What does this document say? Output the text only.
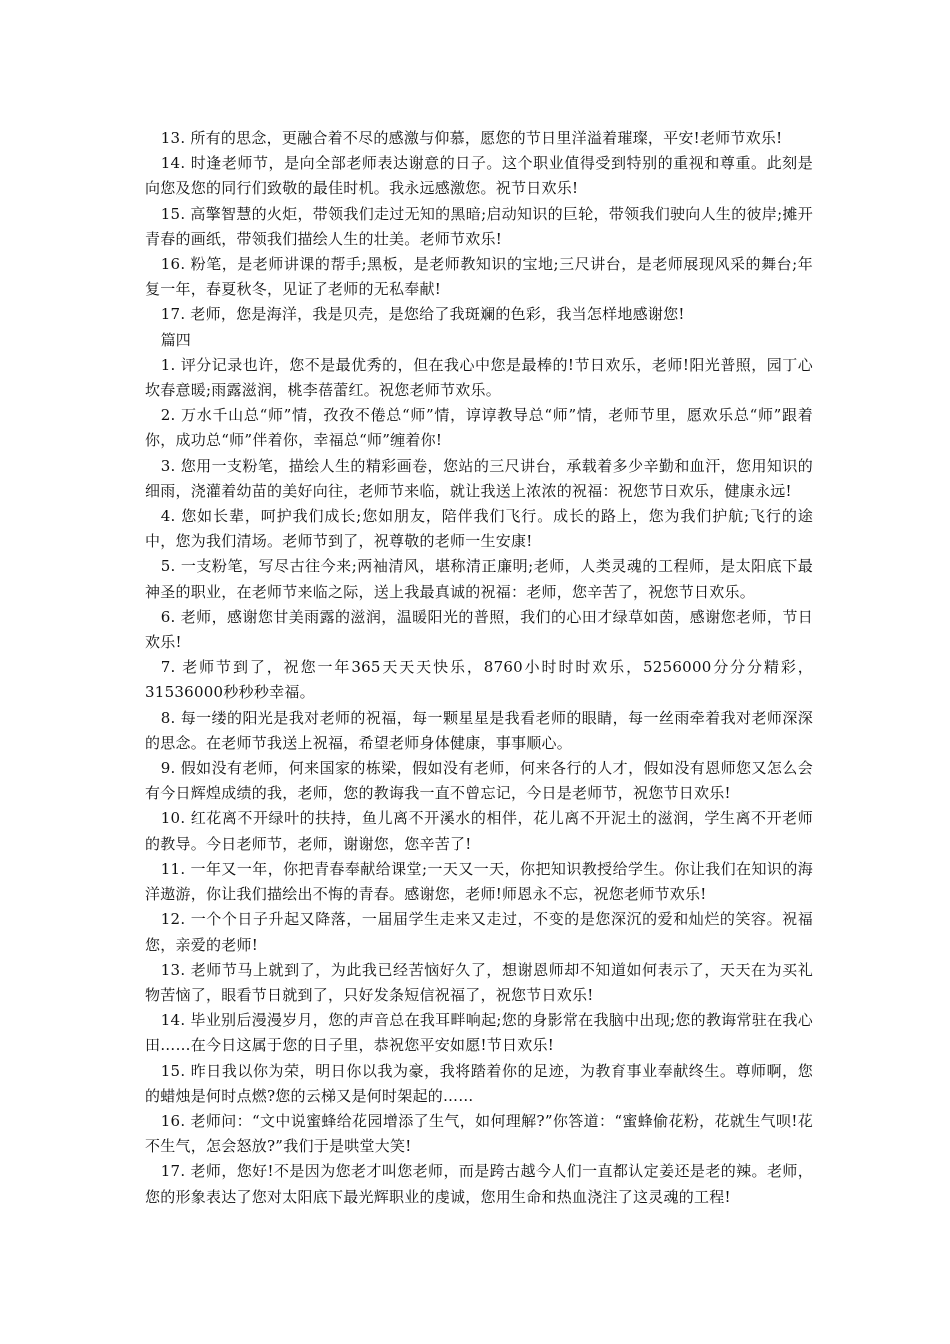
13. 所有的思念，更融合着不尽的感激与仰慕，愿您的节日里洋溢着璀璨，平安!老师节欢乐!

14. 时逢老师节，是向全部老师表达谢意的日子。这个职业值得受到特别的重视和尊重。此刻是向您及您的同行们致敬的最佳时机。我永远感激您。祝节日欢乐!

15. 高擎智慧的火炬，带领我们走过无知的黑暗;启动知识的巨轮，带领我们驶向人生的彼岸;摊开青春的画纸，带领我们描绘人生的壮美。老师节欢乐!

16. 粉笔，是老师讲课的帮手;黑板，是老师教知识的宝地;三尺讲台，是老师展现风采的舞台;年复一年，春夏秋冬，见证了老师的无私奉献!

17. 老师，您是海洋，我是贝壳，是您给了我斑斓的色彩，我当怎样地感谢您!

篇四

1. 评分记录也许，您不是最优秀的，但在我心中您是最棒的!节日欢乐，老师!阳光普照，园丁心坎春意暖;雨露滋润，桃李蓓蕾红。祝您老师节欢乐。

2. 万水千山总“师”情，孜孜不倦总“师”情，谆谆教导总“师”情，老师节里，愿欢乐总“师”跟着你，成功总“师”伴着你，幸福总“师”缠着你!

3. 您用一支粉笔，描绘人生的精彩画卷，您站的三尺讲台，承载着多少辛勤和血汗，您用知识的细雨，浇灌着幼苗的美好向往，老师节来临，就让我送上浓浓的祝福：祝您节日欢乐，健康永远!

4. 您如长辈，呵护我们成长;您如朋友，陪伴我们飞行。成长的路上，您为我们护航;飞行的途中，您为我们清场。老师节到了，祝尊敬的老师一生安康!

5. 一支粉笔，写尽古往今来;两袖清风，堪称清正廉明;老师，人类灵魂的工程师，是太阳底下最神圣的职业，在老师节来临之际，送上我最真诚的祝福：老师，您辛苦了，祝您节日欢乐。

6. 老师，感谢您甘美雨露的滋润，温暖阳光的普照，我们的心田才绿草如茵，感谢您老师，节日欢乐!

7. 老师节到了，祝您一年365天天天快乐，8760小时时时欢乐，5256000分分分精彩，31536000秒秒秒幸福。

8. 每一缕的阳光是我对老师的祝福，每一颗星星是我看老师的眼睛，每一丝雨牵着我对老师深深的思念。在老师节我送上祝福，希望老师身体健康，事事顺心。

9. 假如没有老师，何来国家的栋梁，假如没有老师，何来各行的人才，假如没有恩师您又怎么会有今日辉煌成绩的我，老师，您的教诲我一直不曾忘记，今日是老师节，祝您节日欢乐!

10. 红花离不开绿叶的扶持，鱼儿离不开溪水的相伴，花儿离不开泥土的滋润，学生离不开老师的教导。今日老师节，老师，谢谢您，您辛苦了!

11. 一年又一年，你把青春奉献给课堂;一天又一天，你把知识教授给学生。你让我们在知识的海洋遨游，你让我们描绘出不悔的青春。感谢您，老师!师恩永不忘，祝您老师节欢乐!

12. 一个个日子升起又降落，一届届学生走来又走过，不变的是您深沉的爱和灿烂的笑容。祝福您，亲爱的老师!

13. 老师节马上就到了，为此我已经苦恼好久了，想谢恩师却不知道如何表示了，天天在为买礼物苦恼了，眼看节日就到了，只好发条短信祝福了，祝您节日欢乐!

14. 毕业别后漫漫岁月，您的声音总在我耳畔响起;您的身影常在我脑中出现;您的教诲常驻在我心田……在今日这属于您的日子里，恭祝您平安如愿!节日欢乐!

15. 昨日我以你为荣，明日你以我为豪，我将踏着你的足迹，为教育事业奉献终生。尊师啊，您的蜡烛是何时点燃?您的云梯又是何时架起的……

16. 老师问：“文中说蜜蜂给花园增添了生气，如何理解?”你答道：“蜜蜂偷花粉，花就生气呗!花不生气，怎会怒放?”我们于是哄堂大笑!

17. 老师，您好!不是因为您老才叫您老师，而是跨古越今人们一直都认定姜还是老的辣。老师，您的形象表达了您对太阳底下最光辉职业的虔诚，您用生命和热血浇注了这灵魂的工程!
